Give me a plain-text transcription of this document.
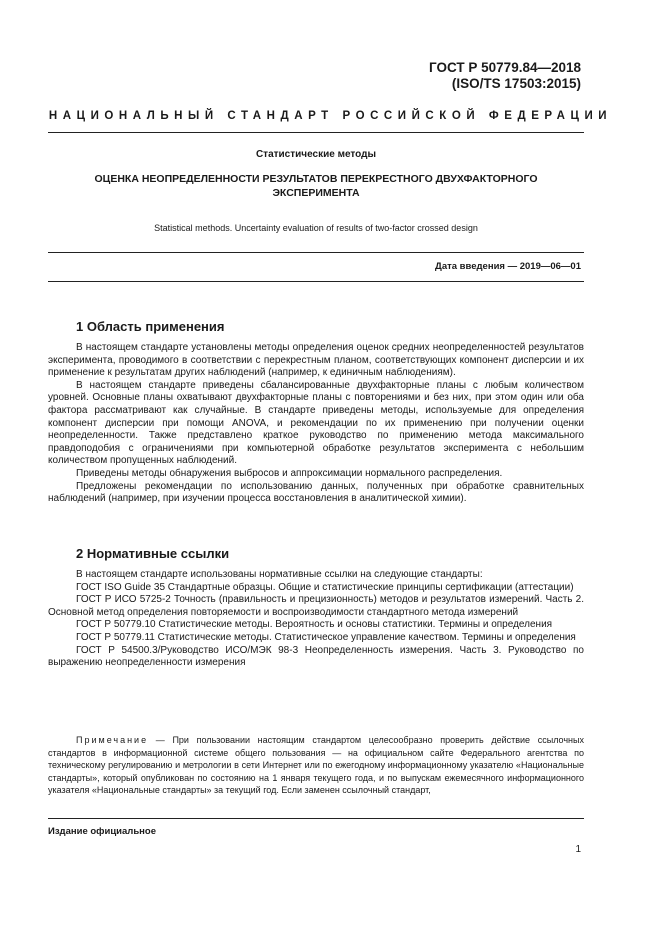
ГОСТ Р 50779.84—2018
(ISO/TS 17503:2015)
НАЦИОНАЛЬНЫЙ СТАНДАРТ РОССИЙСКОЙ ФЕДЕРАЦИИ
Статистические методы
ОЦЕНКА НЕОПРЕДЕЛЕННОСТИ РЕЗУЛЬТАТОВ ПЕРЕКРЕСТНОГО ДВУХФАКТОРНОГО
ЭКСПЕРИМЕНТА
Statistical methods. Uncertainty evaluation of results of two-factor crossed design
Дата введения — 2019—06—01
1 Область применения

В настоящем стандарте установлены методы определения оценок средних неопределенностей результатов эксперимента, проводимого в соответствии с перекрестным планом, соответствующих компонент дисперсии и их применение к результатам других наблюдений (например, к единичным наблюдениям).

В настоящем стандарте приведены сбалансированные двухфакторные планы с любым количеством уровней. Основные планы охватывают двухфакторные планы с повторениями и без них, при этом один или оба фактора рассматривают как случайные. В стандарте приведены методы, используемые для определения компонент дисперсии при помощи ANOVA, и рекомендации по их применению при получении оценки неопределенности. Также представлено краткое руководство по применению метода максимального правдоподобия с ограничениями при компьютерной обработке результатов эксперимента с небольшим количеством пропущенных наблюдений.

Приведены методы обнаружения выбросов и аппроксимации нормального распределения.

Предложены рекомендации по использованию данных, полученных при обработке сравнительных наблюдений (например, при изучении процесса восстановления в аналитической химии).

2 Нормативные ссылки

В настоящем стандарте использованы нормативные ссылки на следующие стандарты:

ГОСТ ISO Guide 35 Стандартные образцы. Общие и статистические принципы сертификации (аттестации)

ГОСТ Р ИСО 5725-2 Точность (правильность и прецизионность) методов и результатов измерений. Часть 2. Основной метод определения повторяемости и воспроизводимости стандартного метода измерений

ГОСТ Р 50779.10 Статистические методы. Вероятность и основы статистики. Термины и определения

ГОСТ Р 50779.11 Статистические методы. Статистическое управление качеством. Термины и определения

ГОСТ Р 54500.3/Руководство ИСО/МЭК 98-3 Неопределенность измерения. Часть 3. Руководство по выражению неопределенности измерения

Примечание — При пользовании настоящим стандартом целесообразно проверить действие ссылочных стандартов в информационной системе общего пользования — на официальном сайте Федерального агентства по техническому регулированию и метрологии в сети Интернет или по ежегодному информационному указателю «Национальные стандарты», который опубликован по состоянию на 1 января текущего года, и по выпускам ежемесячного информационного указателя «Национальные стандарты» за текущий год. Если заменен ссылочный стандарт,
Издание официальное
1
